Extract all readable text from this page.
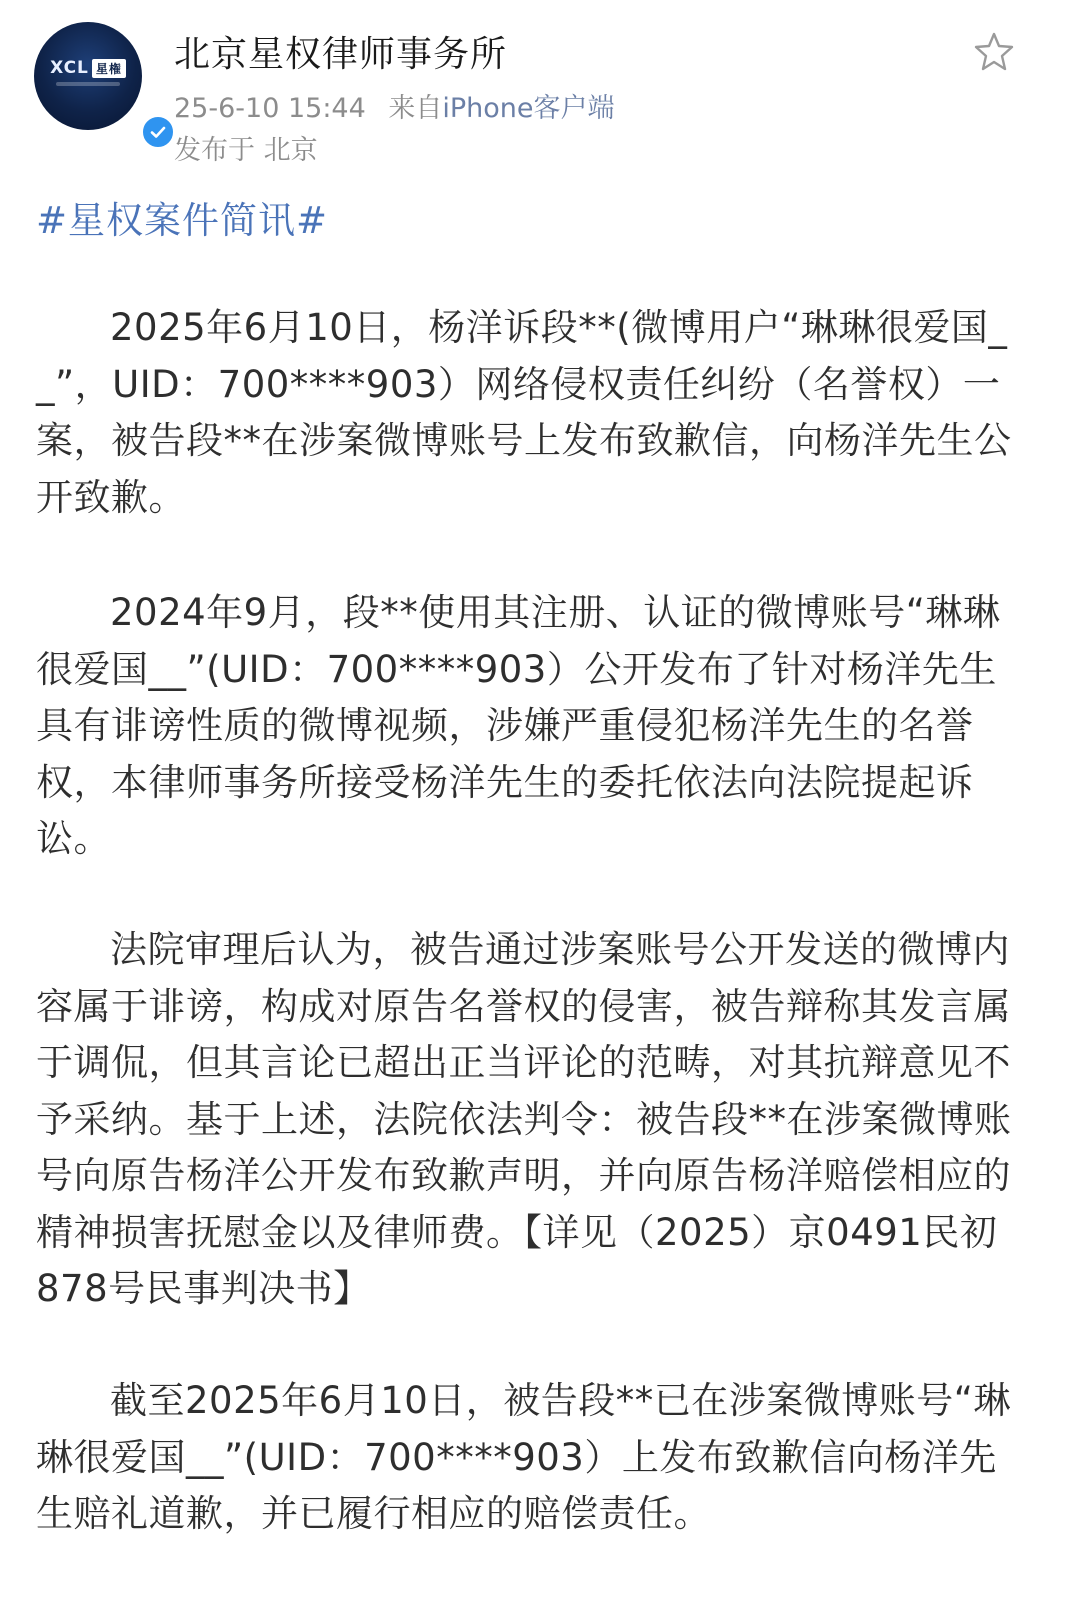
XCL 星権 北京星权律师事务所
25-6-10 15:44 来自iPhone客户端
发布于 北京
#星权案件简讯#

2025年6月10日，杨洋诉段**(微博用户“琳琳很爱国__”，UID：700****903）网络侵权责任纠纷（名誉权）一案，被告段**在涉案微博账号上发布致歉信，向杨洋先生公开致歉。

2024年9月，段**使用其注册、认证的微博账号“琳琳很爱国__”(UID：700****903）公开发布了针对杨洋先生具有诽谤性质的微博视频，涉嫌严重侵犯杨洋先生的名誉权，本律师事务所接受杨洋先生的委托依法向法院提起诉讼。

法院审理后认为，被告通过涉案账号公开发送的微博内容属于诽谤，构成对原告名誉权的侵害，被告辩称其发言属于调侃，但其言论已超出正当评论的范畴，对其抗辩意见不予采纳。基于上述，法院依法判令：被告段**在涉案微博账号向原告杨洋公开发布致歉声明，并向原告杨洋赔偿相应的精神损害抚慰金以及律师费。【详见（2025）京0491民初878号民事判决书】

截至2025年6月10日，被告段**已在涉案微博账号“琳琳很爱国__”(UID：700****903）上发布致歉信向杨洋先生赔礼道歉，并已履行相应的赔偿责任。
